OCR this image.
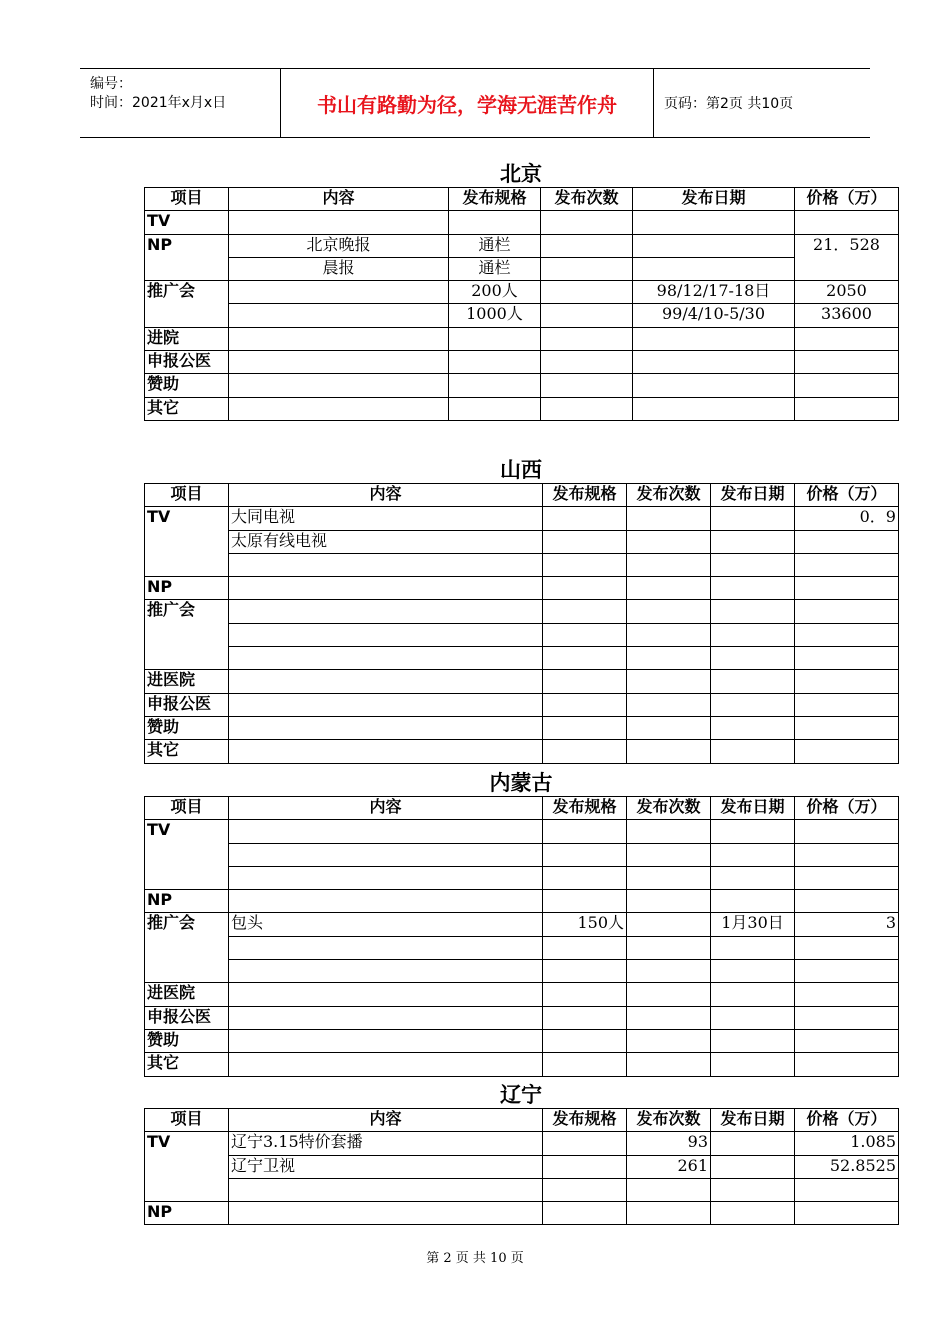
编号：
时间：2021年x月x日	书山有路勤为径，学海无涯苦作舟	页码：第2页 共10页
北京
项目	内容	发布规格	发布次数	发布日期	价格（万）
TV					
NP	北京晚报	通栏			21．528
	晨报	通栏			
推广会		200人		98/12/17-18日	2050
		1000人		99/4/10-5/30	33600
进院					
申报公医					
赞助					
其它					
山西
项目	内容	发布规格	发布次数	发布日期	价格（万）
TV	大同电视				0．9
	太原有线电视				

NP					
推广会					

进医院					
申报公医					
赞助					
其它					
内蒙古
项目	内容	发布规格	发布次数	发布日期	价格（万）
TV					

NP					
推广会	包头	150人		1月30日	3

进医院					
申报公医					
赞助					
其它					
辽宁
项目	内容	发布规格	发布次数	发布日期	价格（万）
TV	辽宁3.15特价套播		93		1.085
	辽宁卫视		261		52.8525

NP					
第 2 页 共 10 页
